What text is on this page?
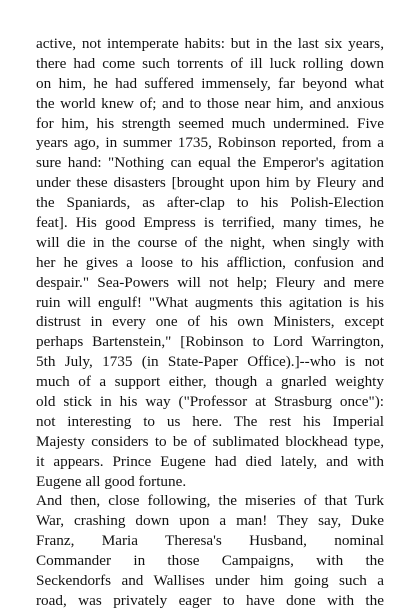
active, not intemperate habits: but in the last six years,
there had come such torrents of ill luck rolling down
on him, he had suffered immensely, far beyond what
the world knew of; and to those near him, and anxious
for him, his strength seemed much undermined. Five
years ago, in summer 1735, Robinson reported, from a
sure hand: "Nothing can equal the Emperor's agitation
under these disasters [brought upon him by Fleury and
the Spaniards, as after-clap to his Polish-Election
feat]. His good Empress is terrified, many times, he
will die in the course of the night, when singly with
her he gives a loose to his affliction, confusion and
despair." Sea-Powers will not help; Fleury and mere
ruin will engulf! "What augments this agitation is his
distrust in every one of his own Ministers, except
perhaps Bartenstein," [Robinson to Lord Warrington,
5th July, 1735 (in State-Paper Office).]--who is not
much of a support either, though a gnarled weighty
old stick in his way ("Professor at Strasburg once"):
not interesting to us here. The rest his Imperial
Majesty considers to be of sublimated blockhead type,
it appears. Prince Eugene had died lately, and with
Eugene all good fortune.

And then, close following, the miseries of that Turk
War, crashing down upon a man! They say, Duke
Franz, Maria Theresa's Husband, nominal
Commander in those Campaigns, with the
Seckendorfs and Wallises under him going such a
road, was privately eager to have done with the
